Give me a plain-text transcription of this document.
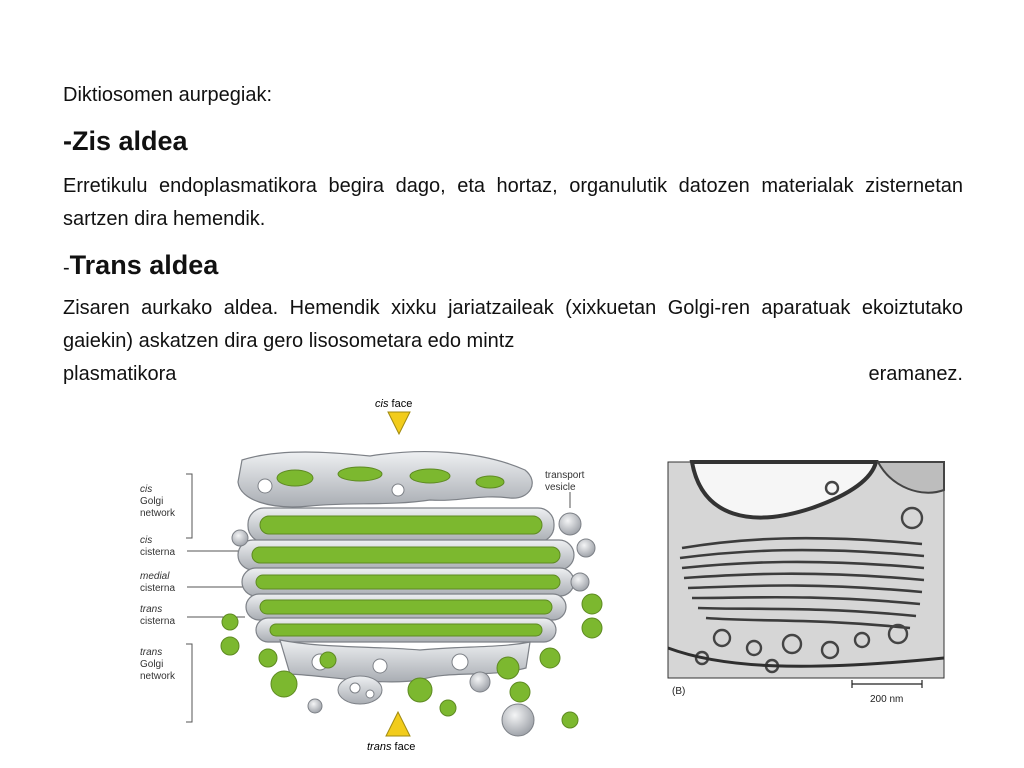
Diktiosomen aurpegiak:
-Zis aldea
Erretikulu endoplasmatikora begira dago, eta hortaz, organulutik datozen materialak zisternetan sartzen dira hemendik.
-Trans aldea
Zisaren aurkako aldea. Hemendik xixku jariatzaileak (xixkuetan Golgi-ren aparatuak ekoiztutako gaiekin) askatzen dira gero lisosometara edo mintz
plasmatikora	eramanez.
cis face
cis Golgi network
cis cisterna
medial cisterna
trans cisterna
trans Golgi network
transport vesicle
trans face
(B)
200 nm
